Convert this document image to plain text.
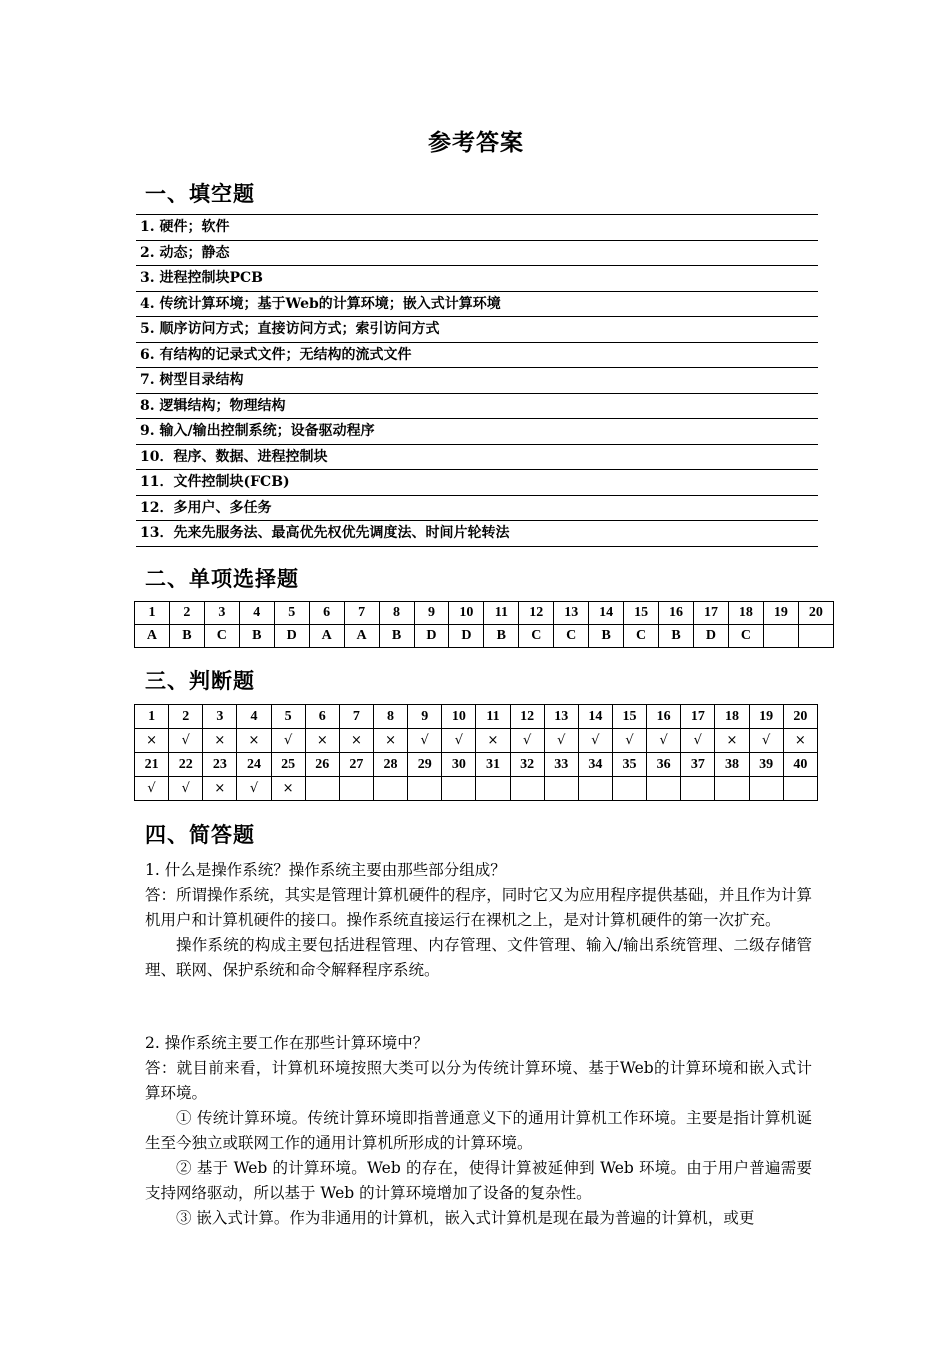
参考答案
一、填空题
1. 硬件；软件
2. 动态；静态
3. 进程控制块PCB
4. 传统计算环境；基于Web的计算环境；嵌入式计算环境
5. 顺序访问方式；直接访问方式；索引访问方式
6. 有结构的记录式文件；无结构的流式文件
7. 树型目录结构
8. 逻辑结构；物理结构
9. 输入/输出控制系统；设备驱动程序
10．程序、数据、进程控制块
11．文件控制块(FCB)
12．多用户、多任务
13．先来先服务法、最高优先权优先调度法、时间片轮转法
二、单项选择题
1	2	3	4	5	6	7	8	9	10	11	12	13	14	15	16	17	18	19	20
A	B	C	B	D	A	A	B	D	D	B	C	C	B	C	B	D	C		
三、判断题
1	2	3	4	5	6	7	8	9	10	11	12	13	14	15	16	17	18	19	20
×	√	×	×	√	×	×	×	√	√	×	√	√	√	√	√	√	×	√	×
21	22	23	24	25	26	27	28	29	30	31	32	33	34	35	36	37	38	39	40
√	√	×	√	×															
四、简答题

1. 什么是操作系统？操作系统主要由那些部分组成？

答：所谓操作系统，其实是管理计算机硬件的程序，同时它又为应用程序提供基础，并且作为计算机用户和计算机硬件的接口。操作系统直接运行在裸机之上，是对计算机硬件的第一次扩充。

操作系统的构成主要包括进程管理、内存管理、文件管理、输入/输出系统管理、二级存储管理、联网、保护系统和命令解释程序系统。

2. 操作系统主要工作在那些计算环境中？

答：就目前来看，计算机环境按照大类可以分为传统计算环境、基于Web的计算环境和嵌入式计算环境。

① 传统计算环境。传统计算环境即指普通意义下的通用计算机工作环境。主要是指计算机诞生至今独立或联网工作的通用计算机所形成的计算环境。

② 基于 Web 的计算环境。Web 的存在，使得计算被延伸到 Web 环境。由于用户普遍需要支持网络驱动，所以基于 Web 的计算环境增加了设备的复杂性。

③ 嵌入式计算。作为非通用的计算机，嵌入式计算机是现在最为普遍的计算机，或更
